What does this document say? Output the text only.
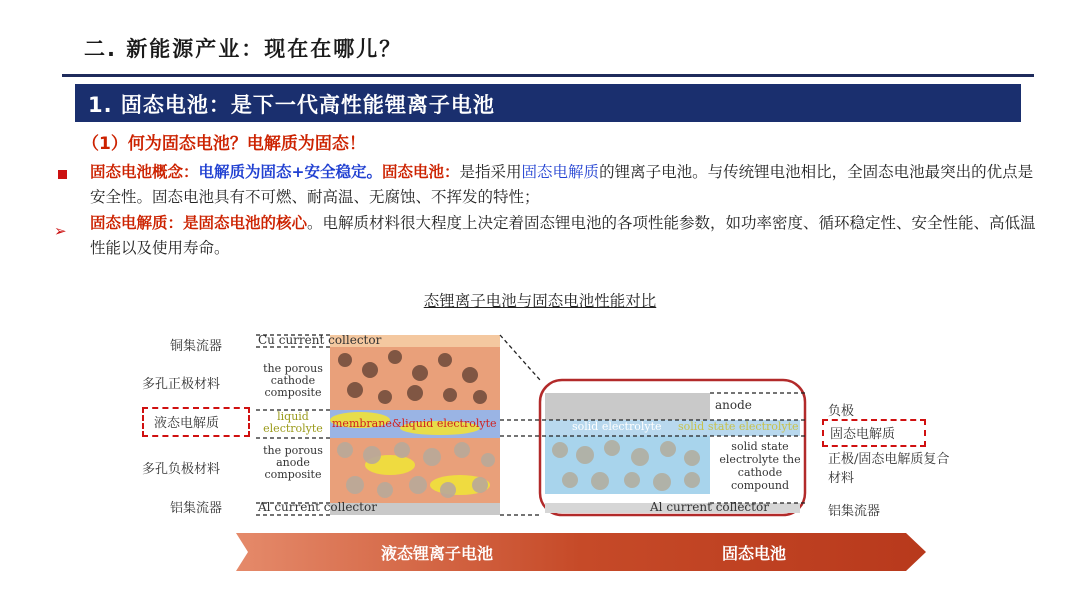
二. 新能源产业：现在在哪儿？
1. 固态电池：是下一代高性能锂离子电池
（1）何为固态电池？电解质为固态！
固态电池概念：电解质为固态+安全稳定。固态电池：是指采用固态电解质的锂离子电池。与传统锂电池相比，全固态电池最突出的优点是安全性。固态电池具有不可燃、耐高温、无腐蚀、不挥发的特性；
➢ 固态电解质：是固态电池的核心。电解质材料很大程度上决定着固态锂电池的各项性能参数，如功率密度、循环稳定性、安全性能、高低温性能以及使用寿命。
态锂离子电池与固态电池性能对比
铜集流器
多孔正极材料
液态电解质
多孔负极材料
铝集流器
Cu current collector
the porous cathode composite
liquid electrolyte
the porous anode composite
Al current collector
membrane&liquid electrolyte
anode
solid electrolyte solid state electrolyte
solid state electrolyte the cathode compound
Al current collector
负极
固态电解质
正极/固态电解质复合材料
铝集流器
液态锂离子电池	固态电池
